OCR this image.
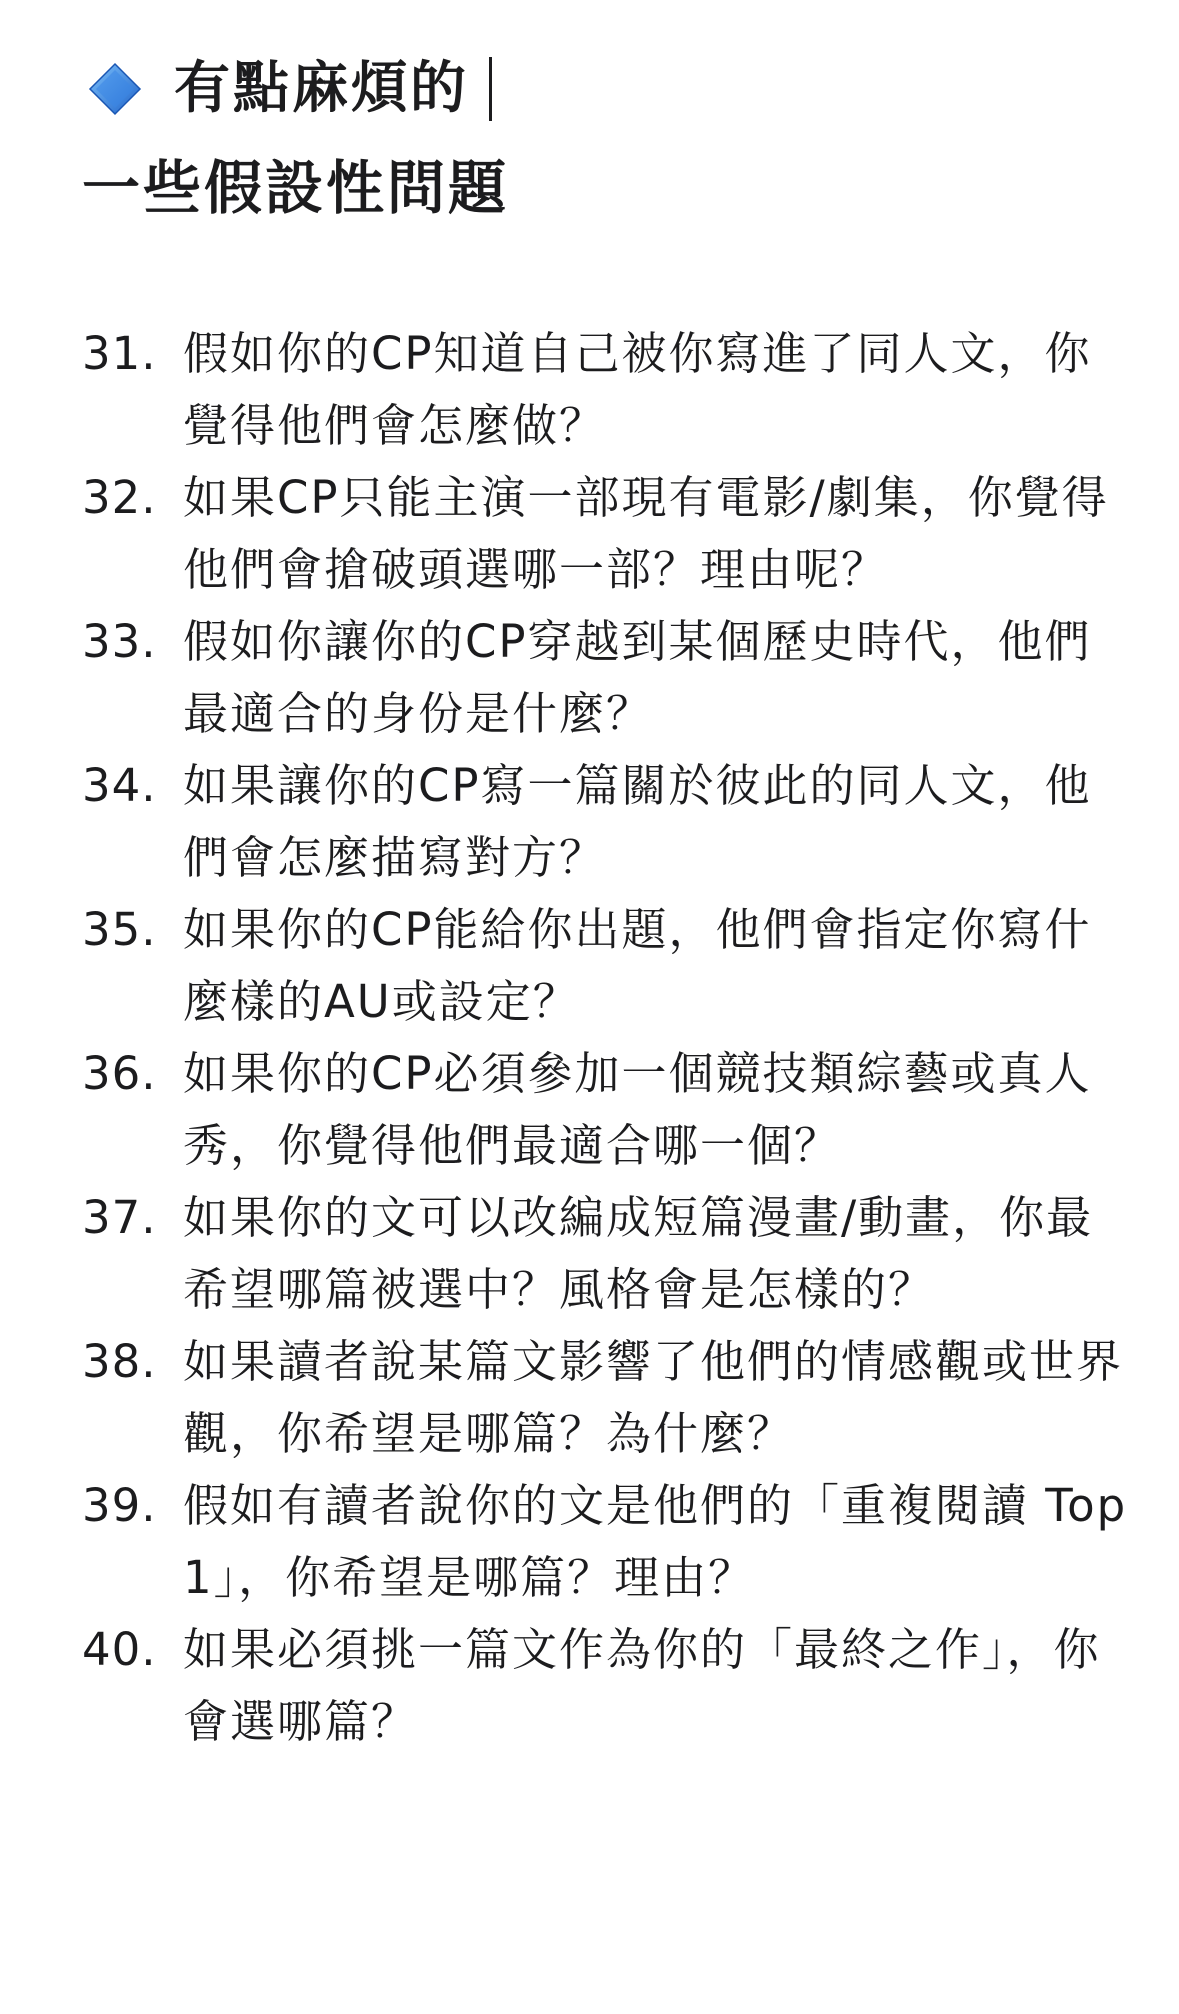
有點麻煩的
一些假設性問題
31. 假如你的CP知道自己被你寫進了同人文，你覺得他們會怎麼做？
32. 如果CP只能主演一部現有電影/劇集，你覺得他們會搶破頭選哪一部？理由呢？
33. 假如你讓你的CP穿越到某個歷史時代，他們最適合的身份是什麼？
34. 如果讓你的CP寫一篇關於彼此的同人文，他們會怎麼描寫對方？
35. 如果你的CP能給你出題，他們會指定你寫什麼樣的AU或設定？
36. 如果你的CP必須參加一個競技類綜藝或真人秀，你覺得他們最適合哪一個？
37. 如果你的文可以改編成短篇漫畫/動畫，你最希望哪篇被選中？風格會是怎樣的？
38. 如果讀者說某篇文影響了他們的情感觀或世界觀，你希望是哪篇？為什麼？
39. 假如有讀者說你的文是他們的「重複閱讀 Top 1」，你希望是哪篇？理由？
40. 如果必須挑一篇文作為你的「最終之作」，你會選哪篇？
